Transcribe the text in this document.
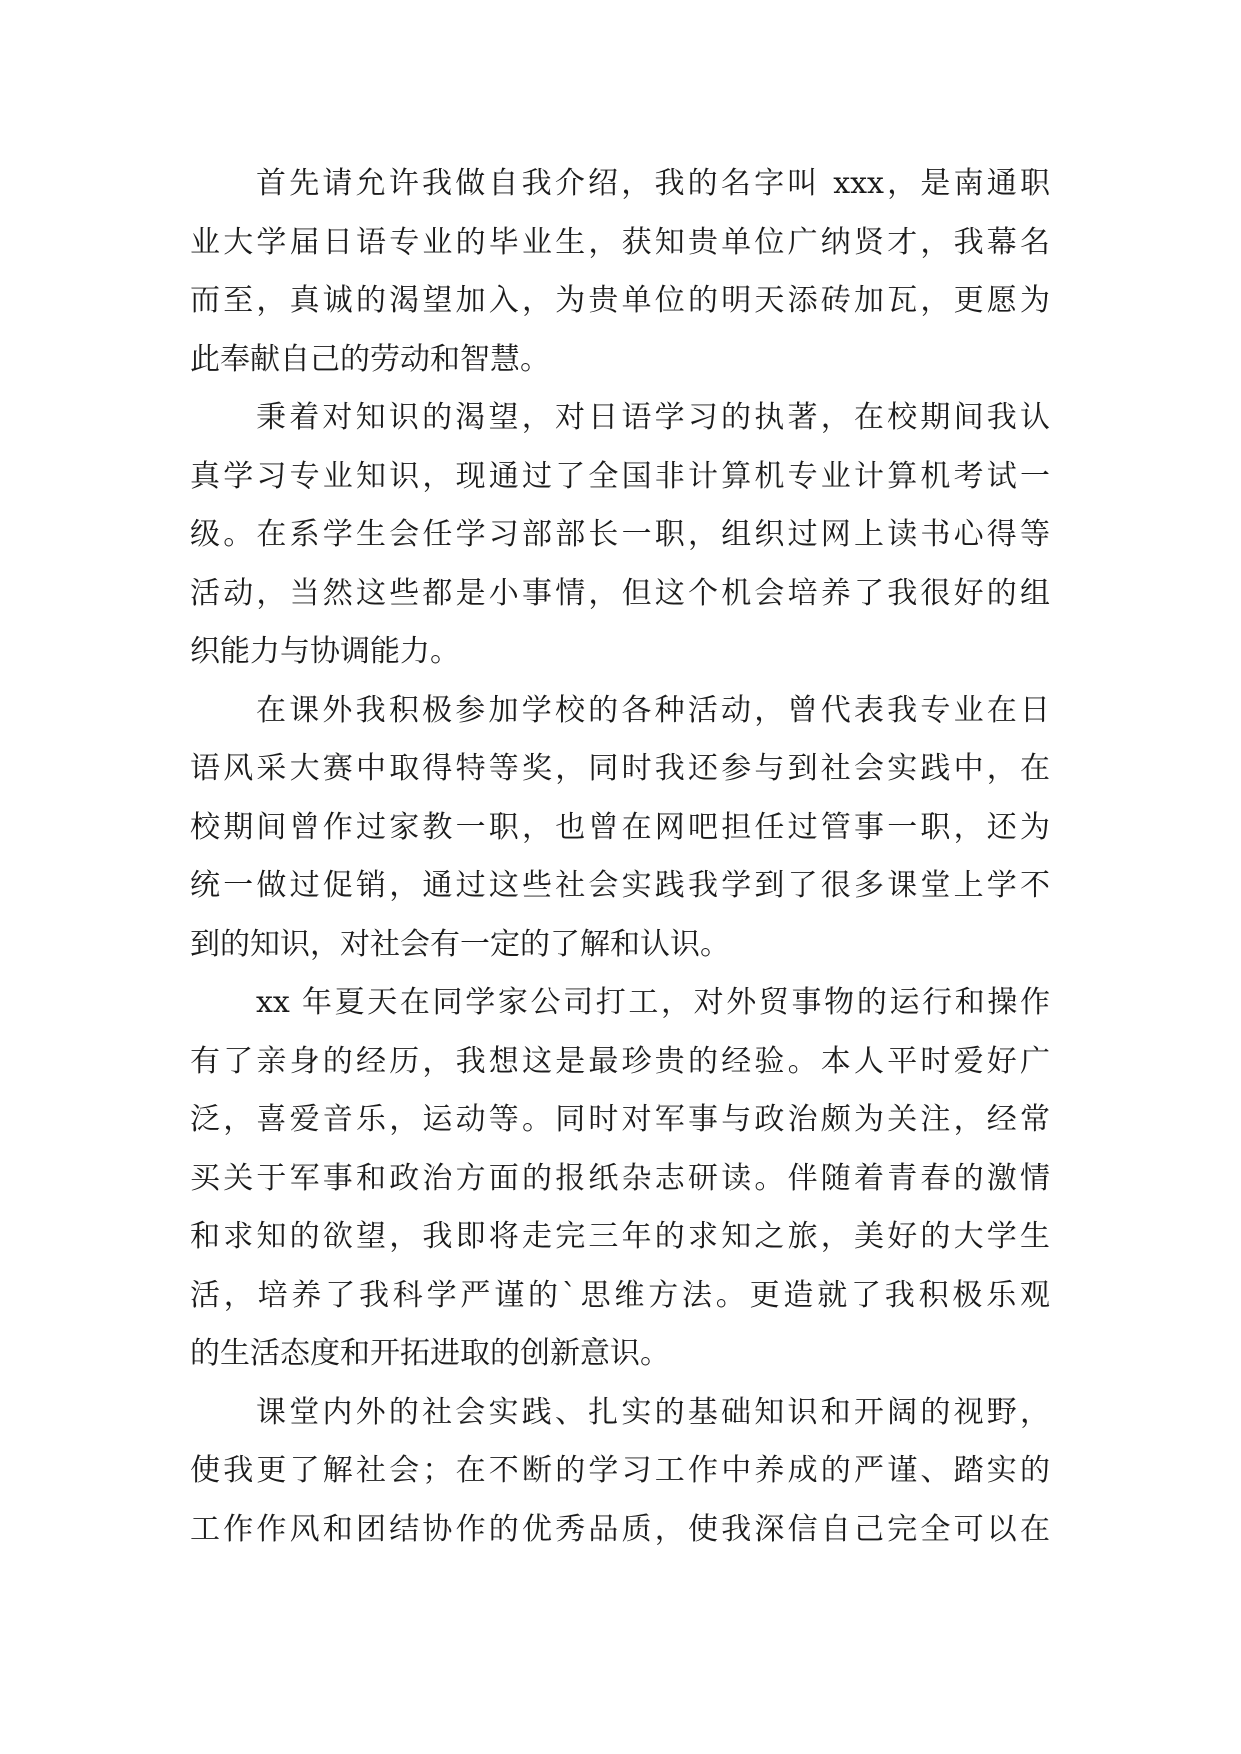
首先请允许我做自我介绍，我的名字叫 xxx，是南通职
业大学届日语专业的毕业生，获知贵单位广纳贤才，我幕名
而至，真诚的渴望加入，为贵单位的明天添砖加瓦，更愿为
此奉献自己的劳动和智慧。
秉着对知识的渴望，对日语学习的执著，在校期间我认
真学习专业知识，现通过了全国非计算机专业计算机考试一
级。在系学生会任学习部部长一职，组织过网上读书心得等
活动，当然这些都是小事情，但这个机会培养了我很好的组
织能力与协调能力。
在课外我积极参加学校的各种活动，曾代表我专业在日
语风采大赛中取得特等奖，同时我还参与到社会实践中，在
校期间曾作过家教一职，也曾在网吧担任过管事一职，还为
统一做过促销，通过这些社会实践我学到了很多课堂上学不
到的知识，对社会有一定的了解和认识。
xx 年夏天在同学家公司打工，对外贸事物的运行和操作
有了亲身的经历，我想这是最珍贵的经验。本人平时爱好广
泛，喜爱音乐，运动等。同时对军事与政治颇为关注，经常
买关于军事和政治方面的报纸杂志研读。伴随着青春的激情
和求知的欲望，我即将走完三年的求知之旅，美好的大学生
活，培养了我科学严谨的`思维方法。更造就了我积极乐观
的生活态度和开拓进取的创新意识。
课堂内外的社会实践、扎实的基础知识和开阔的视野，
使我更了解社会；在不断的学习工作中养成的严谨、踏实的
工作作风和团结协作的优秀品质，使我深信自己完全可以在
